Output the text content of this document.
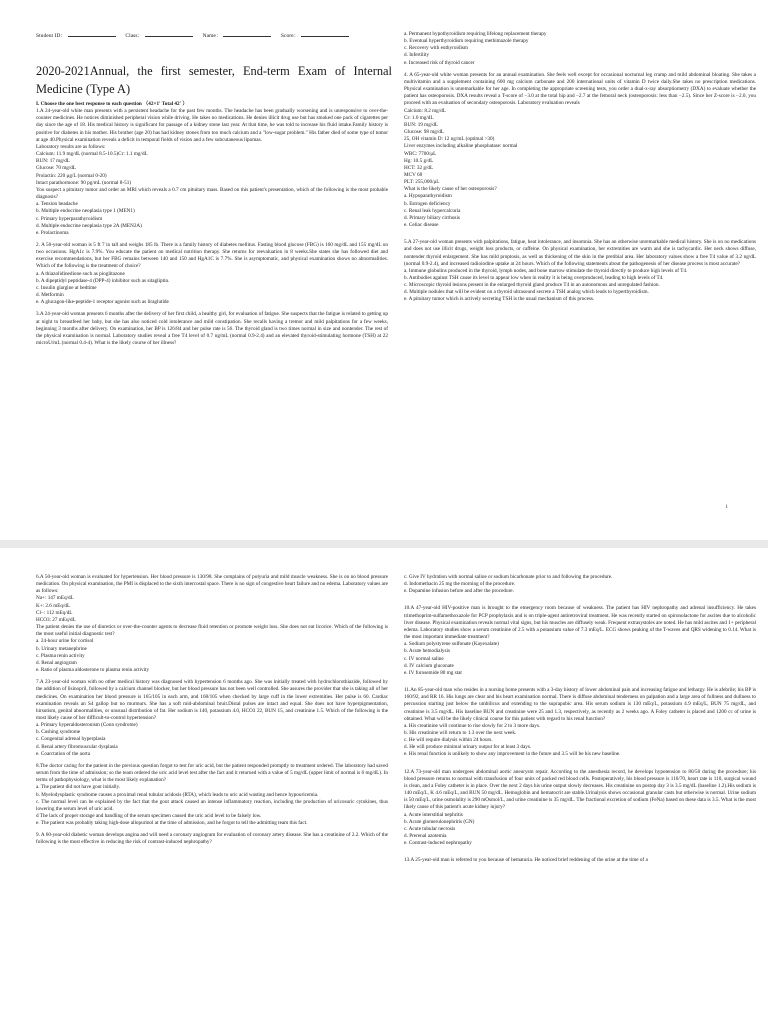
Student ID：	Class：	Name：	Score：
2020-2021Annual, the first semester, End-term Exam of Internal Medicine (Type A)

I. Choose the one best response to each question （42×1′ Total 42′ ）

1.A 24-year-old white man presents with a persistent headache for the past few months. The headache has been gradually worsening and is unresponsive to over-the-counter medicines. He notices diminished peripheral vision while driving. He takes no medications. He denies illicit drug use but has smoked one pack of cigarettes per day since the age of 18. His medical history is significant for passage of a kidney stone last year. At that time, he was told to increase his fluid intake.Family history is positive for diabetes in his mother. His brother (age 20) has had kidney stones from too much calcium and a "low-sugar problem." His father died of some type of tumor at age 40.Physical examination reveals a deficit in temporal fields of vision and a few subcutaneous lipomas.

Laboratory results are as follows:

Calcium: 11.9 mg/dL (normal 8.5-10.5)Cr: 1.1 mg/dL

BUN: 17 mg/dL

Glucose: 70 mg/dL

Prolactin: 220 μg/L (normal 0-20)

Intact parathormone: 90 pg/mL (normal 8-51)

You suspect a pituitary tumor and order an MRI which reveals a 0.7 cm pituitary mass. Based on this patient's presentation, which of the following is the most probable diagnosis?

a. Tension headache

b. Multiple endocrine neoplasia type 1 (MEN1)

c. Primary hyperparathyroidism

d. Multiple endocrine neoplasia type 2A (MEN2A)

e. Prolactinoma

2. A 50-year-old woman is 5 ft 7 in tall and weighs 185 lb. There is a family history of diabetes mellitus. Fasting blood glucose (FBG) is 160 mg/dL and 155 mg/dL on two occasions. HgA1c is 7.9%. You educate the patient on medical nutrition therapy. She returns for reevaluation in 8 weeks.She states she has followed diet and exercise recommendations, but her FBG remains between 140 and 150 and HgA1C is 7.7%. She is asymptomatic, and physical examination shows no abnormalities. Which of the following is the treatment of choice?

a. A thiazolidinedione such as pioglitazone

b. A dipeptidyl peptidase-4 (DPP-4) inhibitor such as sitagliptin.

c. Insulin glargine at bedtime

d. Metformin

e. A glucagon-like-peptide-1 receptor agonist such as liraglutide

3.A 24-year-old woman presents 6 months after the delivery of her first child, a healthy girl, for evaluation of fatigue. She suspects that the fatigue is related to getting up at night to breastfeed her baby, but she has also noticed cold intolerance and mild constipation. She recalls having a tremor and mild palpitations for a few weeks, beginning 3 months after delivery. On examination, her BP is 126/84 and her pulse rate is 56. The thyroid gland is two times normal in size and nontender. The rest of the physical examination is normal. Laboratory studies reveal a free T4 level of 0.7 ng/mL (normal 0.9-2.4) and an elevated thyroid-stimulating hormone (TSH) at 22 microU/mL (normal 0.4-4). What is the likely course of her illness?

a. Permanent hypothyroidism requiring lifelong replacement therapy

b. Eventual hyperthyroidism requiring methimazole therapy

c. Recovery with euthyroidism

d. Infertility

e. Increased risk of thyroid cancer

4. A 65-year-old white woman presents for an annual examination. She feels well except for occasional nocturnal leg cramp and mild abdominal bloating. She takes a multivitamin and a supplement containing 600 mg calcium carbonate and 200 international units of vitamin D twice daily.She takes no prescription medications. Physical examination is unremarkable for her age. In completing the appropriate screening tests, you order a dual-x-ray absorptiometry (DXA) to evaluate whether the patient has osteoporosis. DXA results reveal a T-score of −3.0 at the total hip and −2.7 at the femoral neck (osteoporosis: less than −2.5). Since her Z-score is −2.0, you proceed with an evaluation of secondary osteoporosis. Laboratory evaluation reveals

Calcium: 8.2 mg/dL

Cr: 1.0 mg/dL

BUN: 19 mg/dL

Glucose: 98 mg/dL

25, OH vitamin D: 12 ng/mL (optimal >30)

Liver enzymes including alkaline phosphatase: normal

WBC: 7700/μL

Hg: 10.5 g/dL

HCT: 32 g/dL

MCV 68

PLT: 255,000/μL

What is the likely cause of her osteoporosis?

a. Hypoparathyroidism

b. Estrogen deficiency

c. Renal leak hypercalcuria

d. Primary biliary cirrhosis

e. Celiac disease

5.A 27-year-old woman presents with palpitations, fatigue, heat intolerance, and insomnia. She has an otherwise unremarkable medical history. She is on no medications and does not use illicit drugs, weight loss products, or caffeine. On physical examination, her extremities are warm and she is tachycardic. Her neck shows diffuse, nontender thyroid enlargement. She has mild proptosis, as well as thickening of the skin in the pretibial area. Her laboratory values show a free T4 value of 3.2 ng/dL (normal 0.9-2.4), and increased radioiodine uptake at 24 hours. Which of the following statements about the pathogenesis of her disease process is most accurate?

a. Immune globulins produced in the thyroid, lymph nodes, and bone marrow stimulate the thyroid directly to produce high levels of T4.

b. Antibodies against TSH cause its level to appear low when in reality it is being overproduced, leading to high levels of T4.

c. Microscopic thyroid lesions present in the enlarged thyroid gland produce T4 in an autonomous and unregulated fashion.

d. Multiple nodules that will be evident on a thyroid ultrasound secrete a TSH analog which leads to hyperthyroidism.

e. A pituitary tumor which is actively secreting TSH is the usual mechanism of this process.

1

6.A 50-year-old woman is evaluated for hypertension. Her blood pressure is 130/98. She complains of polyuria and mild muscle weakness. She is on no blood pressure medication. On physical examination, the PMI is displaced to the sixth intercostal space. There is no sign of congestive heart failure and no edema. Laboratory values are as follows:

Na+: 147 mEq/dL

K+: 2.6 mEq/dL

Cl−: 112 mEq/dL

HCO3: 27 mEq/dL

The patient denies the use of diuretics or over-the-counter agents to decrease fluid retention or promote weight loss. She does not eat licorice. Which of the following is the most useful initial diagnostic test?

a. 24-hour urine for cortisol

b. Urinary metanephrine

c. Plasma renin activity

d. Renal angiogram

e. Ratio of plasma aldosterone to plasma renin activity

7.A 23-year-old woman with no other medical history was diagnosed with hypertension 6 months ago. She was initially treated with hydrochlorothiazide, followed by the addition of lisinopril, followed by a calcium channel blocker, but her blood pressure has not been well controlled. She assures the provider that she is taking all of her medicines. On examination her blood pressure is 165/105 in each arm, and 168/105 when checked by large cuff in the lower extremities. Her pulse is 60. Cardiac examination reveals an S4 gallop but no murmurs. She has a soft mid-abdominal bruit.Distal pulses are intact and equal. She does not have hyperpigmentation, hirsutism, genital abnormalities, or unusual distribution of fat. Her sodium is 140, potassium 4.0, HCO3 22, BUN 15, and creatinine 1.5. Which of the following is the most likely cause of her difficult-to-control hypertension?

a. Primary hyperaldosteronism (Conn syndrome)

b. Cushing syndrome

c. Congenital adrenal hyperplasia

d. Renal artery fibromuscular dysplasia

e. Coarctation of the aorta

8.The doctor caring for the patient in the previous question forgot to test for uric acid, but the patient responded promptly to treatment ordered. The laboratory had saved serum from the time of admission; so the team ordered the uric acid level test after the fact and it returned with a value of 5 mg/dL (upper limit of normal is 6 mg/dL). In terms of pathophysiology, what is the most likely explanation?

a. The patient did not have gout initially.

b. Myelodysplastic syndrome causes a proximal renal tubular acidosis (RTA), which leads to uric acid wasting and hence hypouricemia.

c. The normal level can be explained by the fact that the gout attack caused an intense inflammatory reaction, including the production of uricosuric cytokines, thus lowering the serum level of uric acid.

d The lack of proper storage and handling of the serum specimen caused the uric acid level to be falsely low.

e. The patient was probably taking high-dose allopurinol at the time of admission, and he forgot to tell the admitting team this fact.

9. A 60-year-old diabetic woman develops angina and will need a coronary angiogram for evaluation of coronary artery disease. She has a creatinine of 2.2. Which of the following is the most effective in reducing the risk of contrast-induced nephropathy?

c. Give IV hydration with normal saline or sodium bicarbonate prior to and following the procedure.

d. Indomethacin 25 mg the morning of the procedure.

e. Dopamine infusion before and after the procedure.

10.A 47-year-old HIV-positive man is brought to the emergency room because of weakness. The patient has HIV nephropathy and adrenal insufficiency. He takes trimethoprim-sulfamethoxazole for PCP prophylaxis and is on triple-agent antiretroviral treatment. He was recently started on spironolactone for ascites due to alcoholic liver disease. Physical examination reveals normal vital signs, but his muscles are diffusely weak. Frequent extrasystoles are noted. He has mild ascites and 1+ peripheral edema. Laboratory studies show a serum creatinine of 2.5 with a potassium value of 7.3 mEq/L. ECG shows peaking of the T-waves and QRS widening to 0.14. What is the most important immediate treatment?

a. Sodium polystyrene sulfonate (Kayexalate)

b. Acute hemodialysis

c. IV normal saline

d. IV calcium gluconate

e. IV furosemide 80 mg stat

11.An 85-year-old man who resides in a nursing home presents with a 3-day history of lower abdominal pain and increasing fatigue and lethargy. He is afebrile; his BP is 160/92, and RR 16. His lungs are clear and his heart examination normal. There is diffuse abdominal tenderness on palpation and a large area of fullness and dullness to percussion starting just below the umbilicus and extending to the suprapubic area. His serum sodium is 130 mEq/L, potassium 4.9 mEq/L, BUN 75 mg/dL, and creatinine is 3.5 mg/dL. His baseline BUN and creatinine were 25 and 1.3, respectively, as recently as 2 weeks ago. A Foley catheter is placed and 1200 cc of urine is obtained. What will be the likely clinical course for this patient with regard to his renal function?

a. His creatinine will continue to rise slowly for 2 to 3 more days.

b. His creatinine will return to 1.3 over the next week.

c. He will require dialysis within 24 hours.

d. He will produce minimal urinary output for at least 3 days.

e. His renal function is unlikely to show any improvement in the future and 3.5 will be his new baseline.

12.A 73-year-old man undergoes abdominal aortic aneurysm repair. According to the anesthesia record, he develops hypotension to 80/50 during the procedure; his blood pressure returns to normal with transfusion of four units of packed red blood cells. Postoperatively, his blood pressure is 110/70, heart rate is 110, surgical wound is clean, and a Foley catheter is in place. Over the next 2 days his urine output slowly decreases. His creatinine on postop day 3 is 3.5 mg/dL (baseline 1.2).His sodium is 140 mEq/L, K 4.6 mEq/L, and BUN 50 mg/dL. Hemoglobin and hematocrit are stable.Urinalysis shows occasional granular casts but otherwise is normal. Urine sodium is 50 mEq/L, urine osmolality is 290 mOsmol/L, and urine creatinine is 35 mg/dL. The fractional excretion of sodium (FeNa) based on these data is 3.5. What is the most likely cause of this patient's acute kidney injury?

a. Acute interstitial nephritis

b. Acute glomerulonephritis (GN)

c. Acute tubular necrosis

d. Prerenal azotemia

e. Contrast-induced nephropathy

13.A 25-year-old man is referred to you because of hematuria. He noticed brief reddening of the urine at the time of a
